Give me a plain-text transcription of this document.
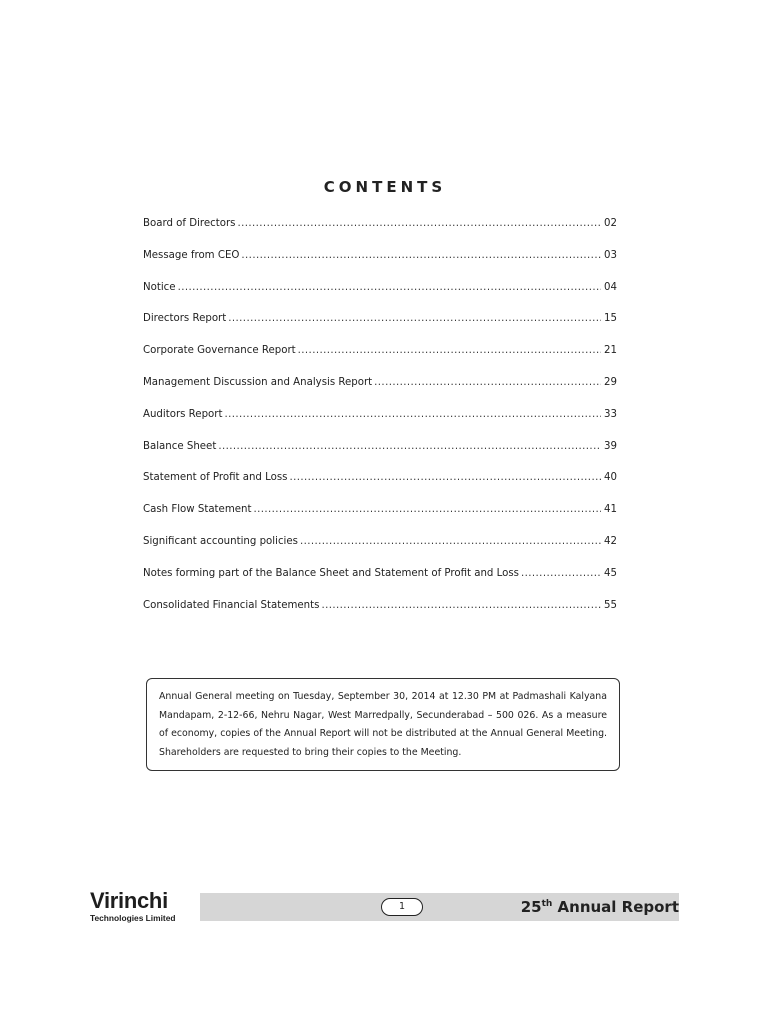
CONTENTS
Board of Directors .....	02
Message from CEO .....	03
Notice .....	04
Directors Report .....	15
Corporate Governance Report .....	21
Management Discussion and Analysis Report .....	29
Auditors Report .....	33
Balance Sheet .....	39
Statement of Profit and Loss .....	40
Cash Flow Statement .....	41
Significant accounting policies .....	42
Notes forming part of the Balance Sheet and Statement of Profit and Loss .....	45
Consolidated Financial Statements .....	55
Annual General meeting on Tuesday, September 30, 2014 at 12.30 PM at Padmashali Kalyana Mandapam, 2-12-66, Nehru Nagar, West Marredpally, Secunderabad – 500 026. As a measure of economy, copies of the Annual Report will not be distributed at the Annual General Meeting. Shareholders are requested to bring their copies to the Meeting.
Virinchi
Technologies Limited
1	25th Annual Report
